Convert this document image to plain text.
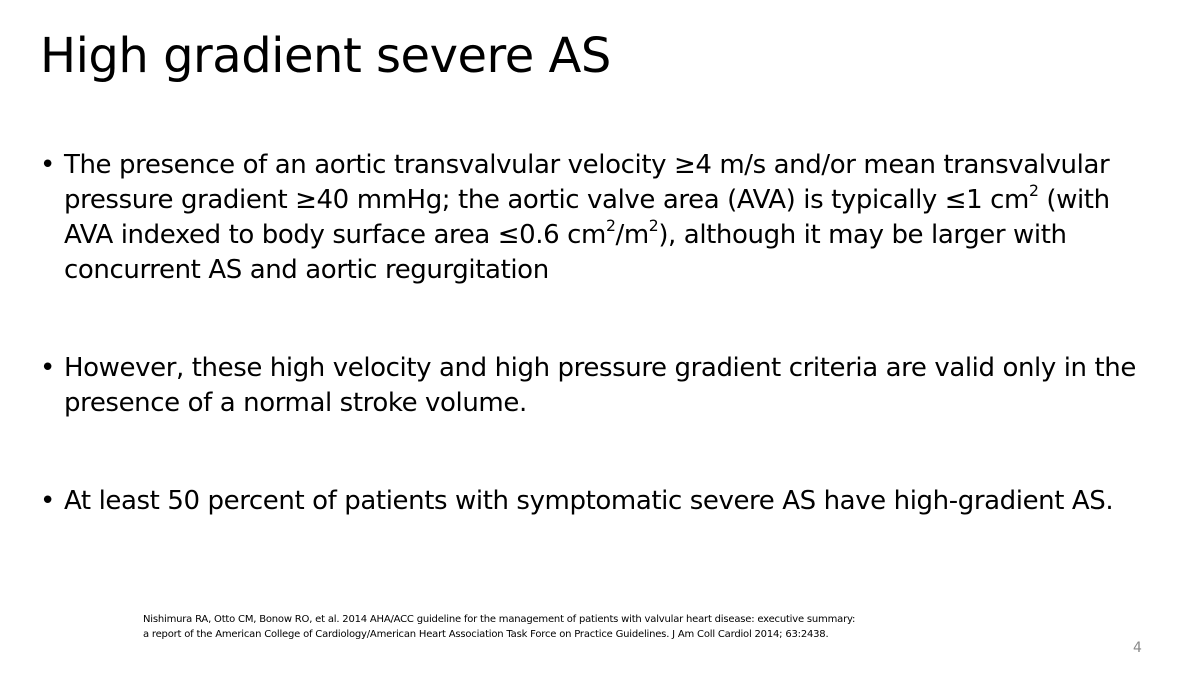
High gradient severe AS
• The presence of an aortic transvalvular velocity ≥4 m/s and/or mean transvalvular pressure gradient ≥40 mmHg; the aortic valve area (AVA) is typically ≤1 $cm^2$ (with AVA indexed to body surface area ≤0.6 $cm^2/m^2$), although it may be larger with concurrent AS and aortic regurgitation
• However, these high velocity and high pressure gradient criteria are valid only in the presence of a normal stroke volume.
• At least 50 percent of patients with symptomatic severe AS have high-gradient AS.
Nishimura RA, Otto CM, Bonow RO, et al. 2014 AHA/ACC guideline for the management of patients with valvular heart disease: executive summary:
a report of the American College of Cardiology/American Heart Association Task Force on Practice Guidelines. J Am Coll Cardiol 2014; 63:2438.
4
